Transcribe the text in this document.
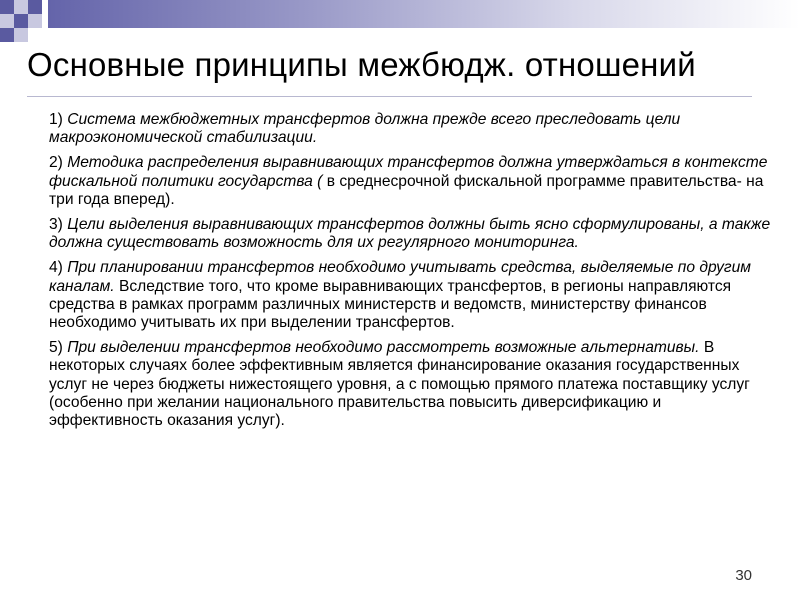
Основные принципы межбюдж. отношений
1) Система межбюджетных трансфертов должна прежде всего преследовать цели макроэкономической стабилизации.
2) Методика распределения выравнивающих трансфертов должна утверждаться в контексте фискальной политики государства ( в среднесрочной фискальной программе правительства- на три года вперед).
3) Цели выделения выравнивающих трансфертов должны быть ясно сформулированы, а также должна существовать возможность для их регулярного мониторинга.
4) При планировании трансфертов необходимо учитывать средства, выделяемые по другим каналам. Вследствие того, что кроме выравнивающих трансфертов, в регионы направляются средства в рамках программ различных министерств и ведомств, министерству финансов необходимо учитывать их при выделении трансфертов.
5) При выделении трансфертов необходимо рассмотреть возможные альтернативы. В некоторых случаях более эффективным является финансирование оказания государственных услуг не через бюджеты нижестоящего уровня, а с помощью прямого платежа поставщику услуг (особенно при желании национального правительства повысить диверсификацию и эффективность оказания услуг).
30
